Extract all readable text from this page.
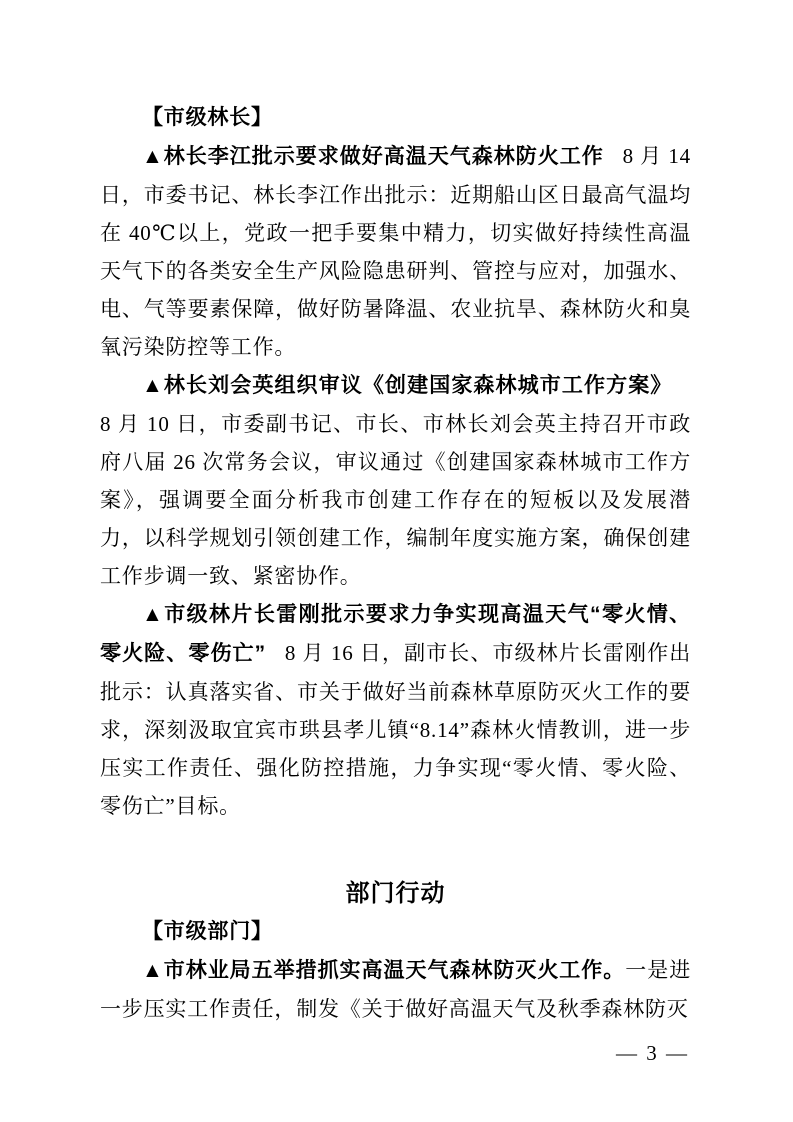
【市级林长】

▲林长李江批示要求做好高温天气森林防火工作 8 月 14 日，市委书记、林长李江作出批示：近期船山区日最高气温均在 40℃以上，党政一把手要集中精力，切实做好持续性高温天气下的各类安全生产风险隐患研判、管控与应对，加强水、电、气等要素保障，做好防暑降温、农业抗旱、森林防火和臭氧污染防控等工作。

▲林长刘会英组织审议《创建国家森林城市工作方案》8 月 10 日，市委副书记、市长、市林长刘会英主持召开市政府八届 26 次常务会议，审议通过《创建国家森林城市工作方案》，强调要全面分析我市创建工作存在的短板以及发展潜力，以科学规划引领创建工作，编制年度实施方案，确保创建工作步调一致、紧密协作。

▲市级林片长雷刚批示要求力争实现高温天气“零火情、零火险、零伤亡” 8 月 16 日，副市长、市级林片长雷刚作出批示：认真落实省、市关于做好当前森林草原防灭火工作的要求，深刻汲取宜宾市珙县孝儿镇“8.14”森林火情教训，进一步压实工作责任、强化防控措施，力争实现“零火情、零火险、零伤亡”目标。

部门行动

【市级部门】

▲市林业局五举措抓实高温天气森林防灭火工作。一是进一步压实工作责任，制发《关于做好高温天气及秋季森林防灭

— 3 —
